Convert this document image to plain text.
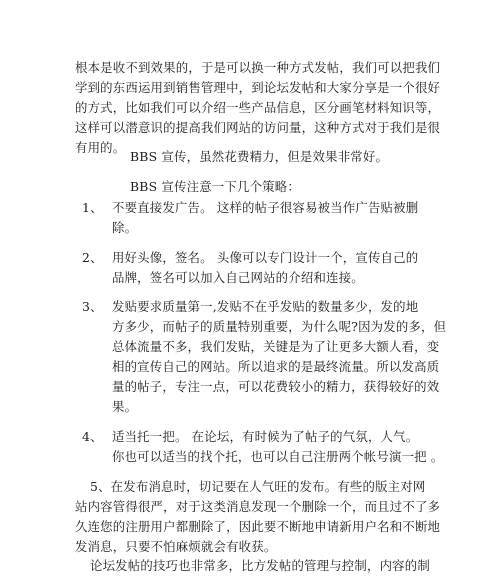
根本是收不到效果的，于是可以换一种方式发帖，我们可以把我们
学到的东西运用到销售管理中，到论坛发帖和大家分享是一个很好
的方式，比如我们可以介绍一些产品信息，区分画笔材料知识等，
这样可以潜意识的提高我们网站的访问量，这种方式对于我们是很
有用的。

BBS 宣传，虽然花费精力，但是效果非常好。

BBS 宣传注意一下几个策略：

1、 不要直接发广告。 这样的帖子很容易被当作广告贴被删
除。

2、 用好头像，签名。 头像可以专门设计一个，宣传自己的
品牌，签名可以加入自己网站的介绍和连接。

3、 发贴要求质量第一,发贴不在乎发贴的数量多少，发的地
方多少，而帖子的质量特别重要，为什么呢?因为发的多，但
总体流量不多，我们发贴，关键是为了让更多大额人看，变
相的宣传自己的网站。所以追求的是最终流量。所以发高质
量的帖子，专注一点，可以花费较小的精力，获得较好的效
果。

4、 适当托一把。 在论坛，有时候为了帖子的气氛，人气。
你也可以适当的找个托，也可以自己注册两个帐号演一把 。

5、在发布消息时，切记要在人气旺的发布。有些的版主对网

站内容管得很严，对于这类消息发现一个删除一个，而且过不了多
久连您的注册用户都删除了，因此要不断地申请新用户名和不断地
发消息，只要不怕麻烦就会有收获。

论坛发帖的技巧也非常多，比方发帖的管理与控制，内容的制
